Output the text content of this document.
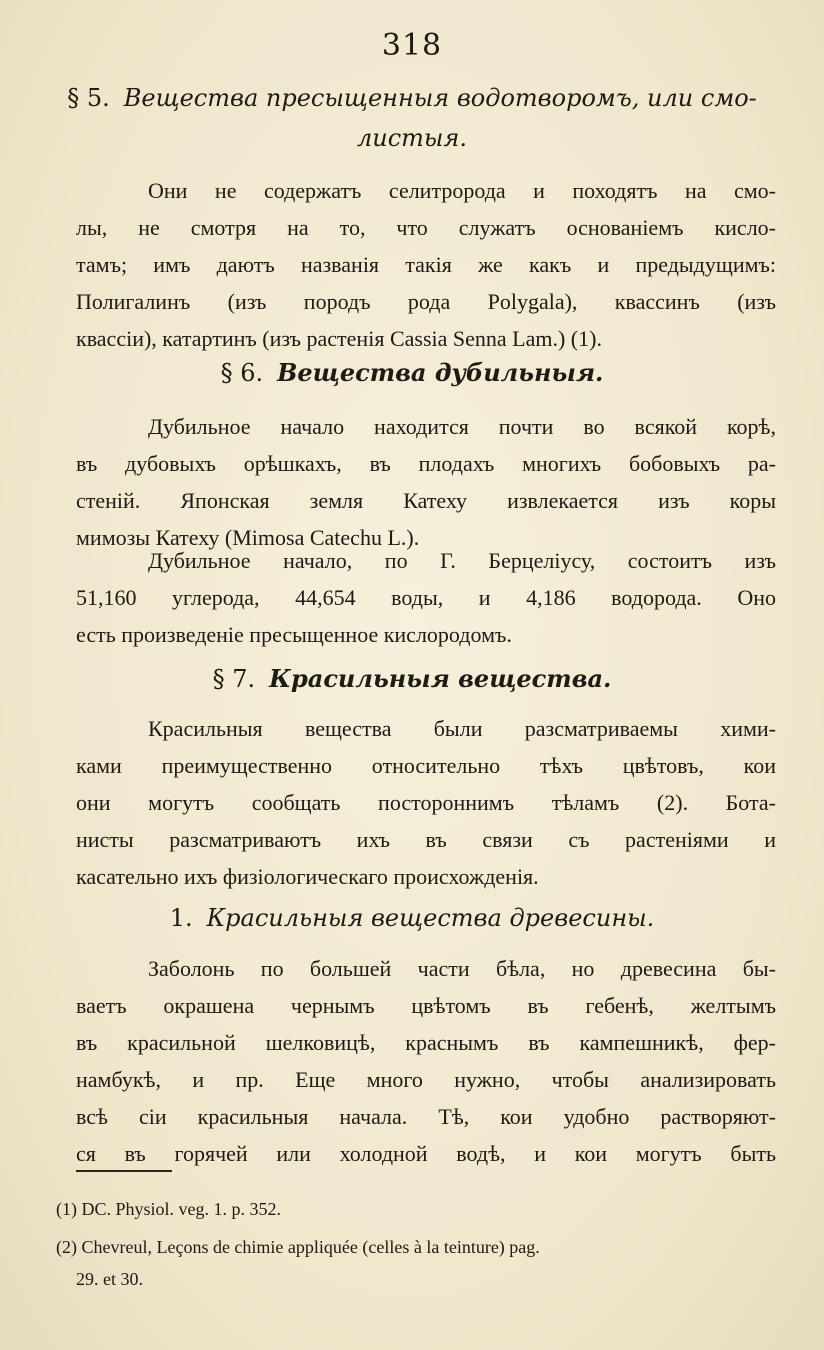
318
§ 5. Вещества пресыщенныя водотворомъ, или смо-
листыя.
Они не содержатъ селитророда и походятъ на смо-
лы, не смотря на то, что служатъ основаніемъ кисло-
тамъ; имъ даютъ названія такія же какъ и предыдущимъ:
Полигалинъ (изъ породъ рода Polygala), квассинъ (изъ
квассіи), катартинъ (изъ растенія Cassia Senna Lam.) (1).
§ 6. Вещества дубильныя.
Дубильное начало находится почти во всякой корѣ,
въ дубовыхъ орѣшкахъ, въ плодахъ многихъ бобовыхъ ра-
стеній. Японская земля Катеху извлекается изъ коры
мимозы Катеху (Mimosa Catechu L.).
Дубильное начало, по Г. Берцеліусу, состоитъ изъ
51,160 углерода, 44,654 воды, и 4,186 водорода. Оно
есть произведеніе пресыщенное кислородомъ.
§ 7. Красильныя вещества.
Красильныя вещества были разсматриваемы хими-
ками преимущественно относительно тѣхъ цвѣтовъ, кои
они могутъ сообщать постороннимъ тѣламъ (2). Бота-
нисты разсматриваютъ ихъ въ связи съ растеніями и
касательно ихъ физіологическаго происхожденія.
1. Красильныя вещества древесины.
Заболонь по большей части бѣла, но древесина бы-
ваетъ окрашена чернымъ цвѣтомъ въ гебенѣ, желтымъ
въ красильной шелковицѣ, краснымъ въ кампешникѣ, фер-
намбукѣ, и пр. Еще много нужно, чтобы анализировать
всѣ сіи красильныя начала. Тѣ, кои удобно растворяют-
ся въ горячей или холодной водѣ, и кои могутъ быть
(1) DC. Physiol. veg. 1. p. 352.
(2) Chevreul, Leçons de chimie appliquée (celles à la teinture) pag.
29. et 30.
